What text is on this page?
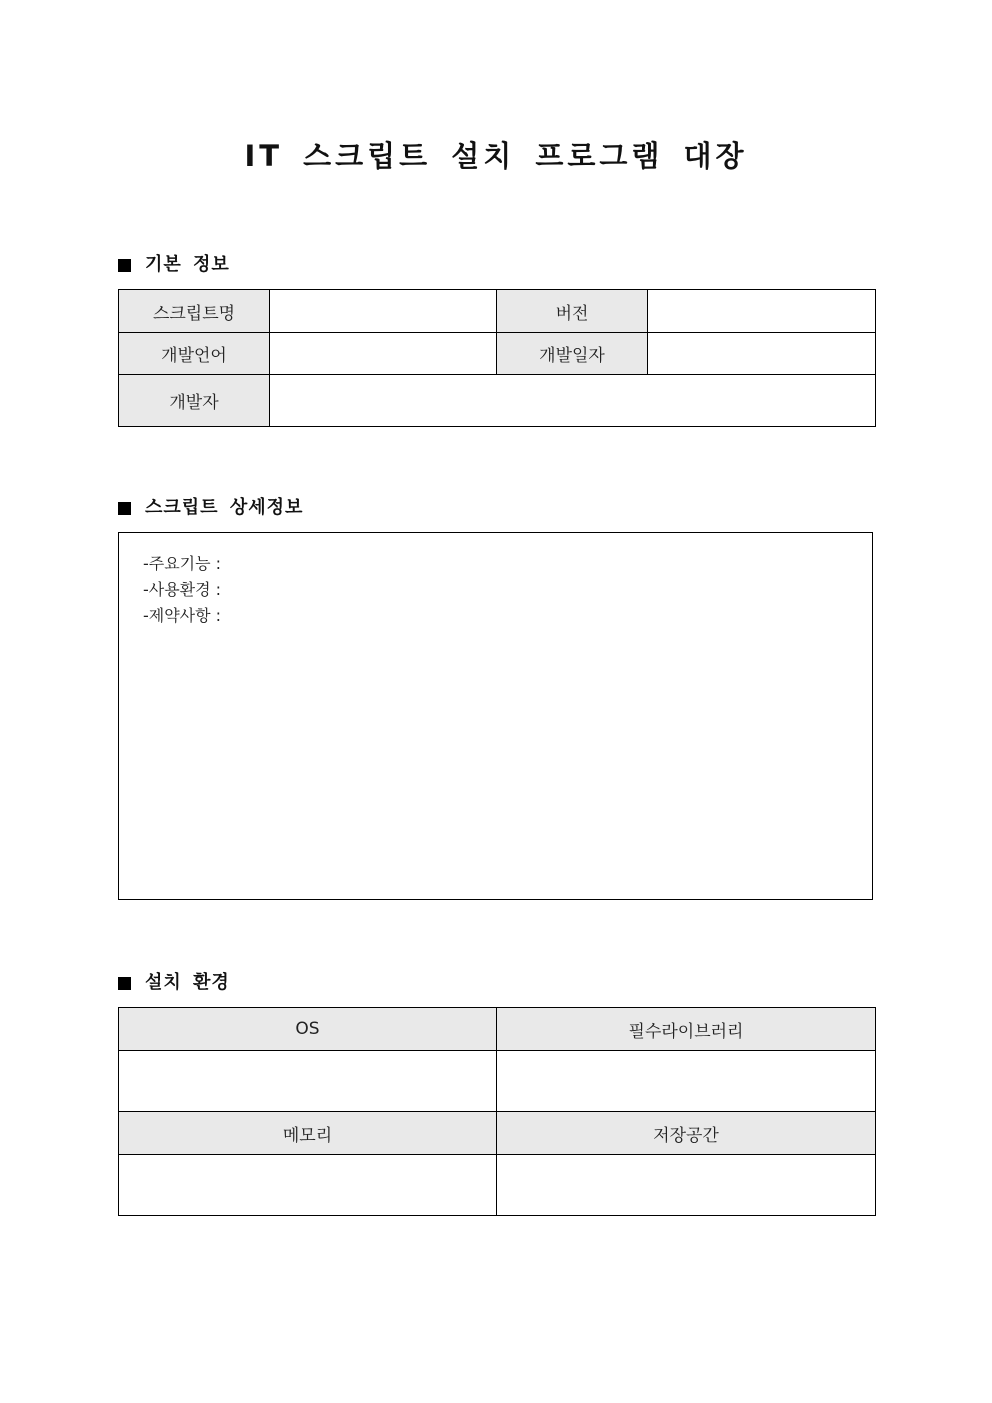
IT 스크립트 설치 프로그램 대장
기본 정보
스크립트명		버전	
개발언어		개발일자	
개발자			
스크립트 상세정보
-주요기능 :
-사용환경 :
-제약사항 :
설치 환경
OS	필수라이브러리

메모리	저장공간
